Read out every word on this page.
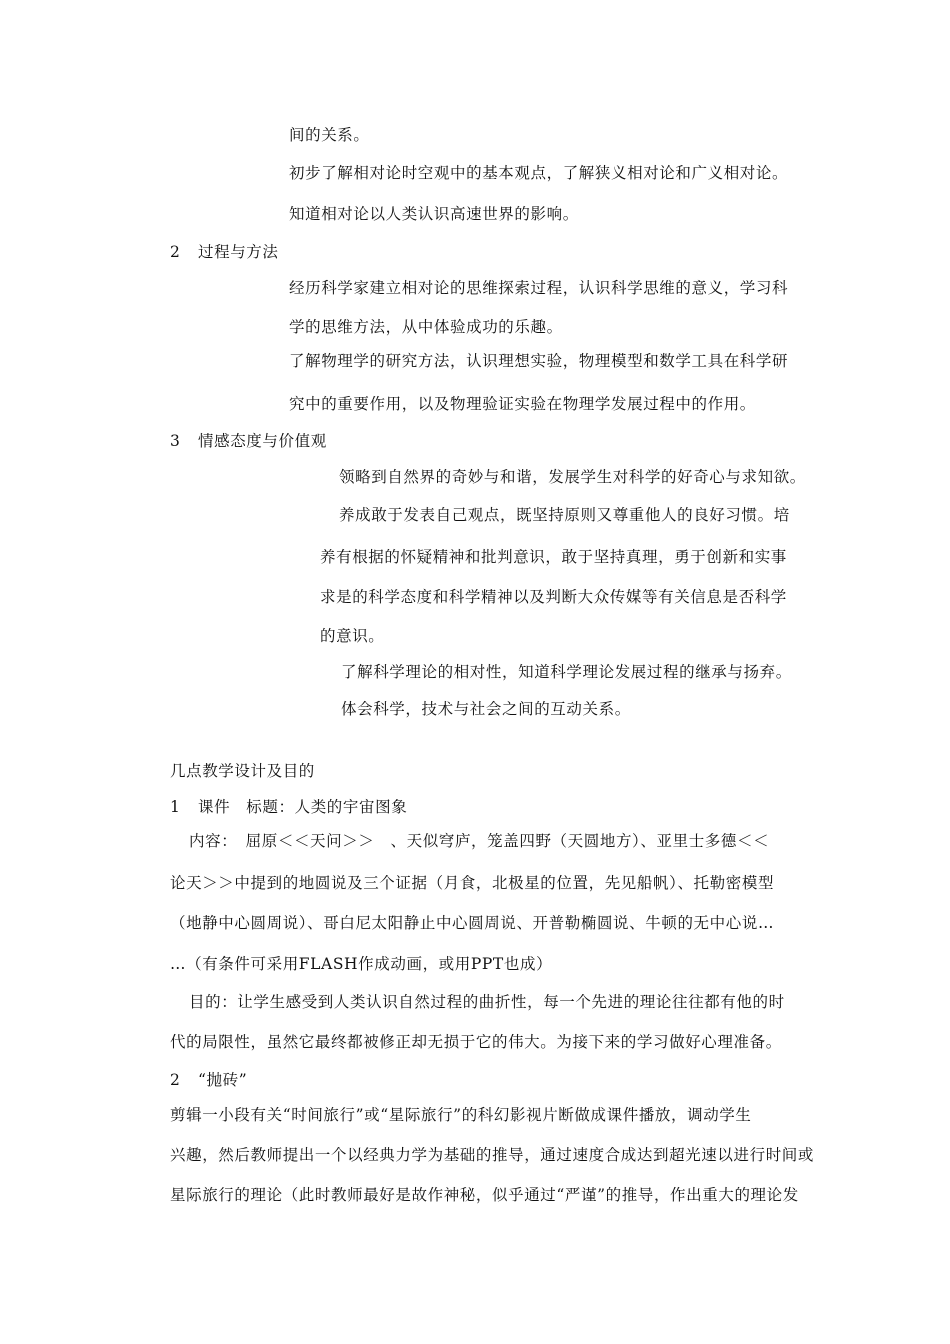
间的关系。
初步了解相对论时空观中的基本观点，了解狭义相对论和广义相对论。
知道相对论以人类认识高速世界的影响。
2 过程与方法
经历科学家建立相对论的思维探索过程，认识科学思维的意义，学习科
学的思维方法，从中体验成功的乐趣。
了解物理学的研究方法，认识理想实验，物理模型和数学工具在科学研
究中的重要作用，以及物理验证实验在物理学发展过程中的作用。
3 情感态度与价值观
领略到自然界的奇妙与和谐，发展学生对科学的好奇心与求知欲。
养成敢于发表自己观点，既坚持原则又尊重他人的良好习惯。培
养有根据的怀疑精神和批判意识，敢于坚持真理，勇于创新和实事
求是的科学态度和科学精神以及判断大众传媒等有关信息是否科学
的意识。
了解科学理论的相对性，知道科学理论发展过程的继承与扬弃。
体会科学，技术与社会之间的互动关系。
几点教学设计及目的
1 课件　标题：人类的宇宙图象
内容：　屈原＜＜天问＞＞　、天似穹庐，笼盖四野（天圆地方）、亚里士多德＜＜
论天＞＞中提到的地圆说及三个证据（月食，北极星的位置，先见船帆）、托勒密模型
（地静中心圆周说）、哥白尼太阳静止中心圆周说、开普勒椭圆说、牛顿的无中心说…
…（有条件可采用FLASH作成动画，或用PPT也成）
目的：让学生感受到人类认识自然过程的曲折性，每一个先进的理论往往都有他的时
代的局限性，虽然它最终都被修正却无损于它的伟大。为接下来的学习做好心理准备。
2 “抛砖”
剪辑一小段有关“时间旅行”或“星际旅行”的科幻影视片断做成课件播放，调动学生
兴趣，然后教师提出一个以经典力学为基础的推导，通过速度合成达到超光速以进行时间或
星际旅行的理论（此时教师最好是故作神秘，似乎通过“严谨”的推导，作出重大的理论发
